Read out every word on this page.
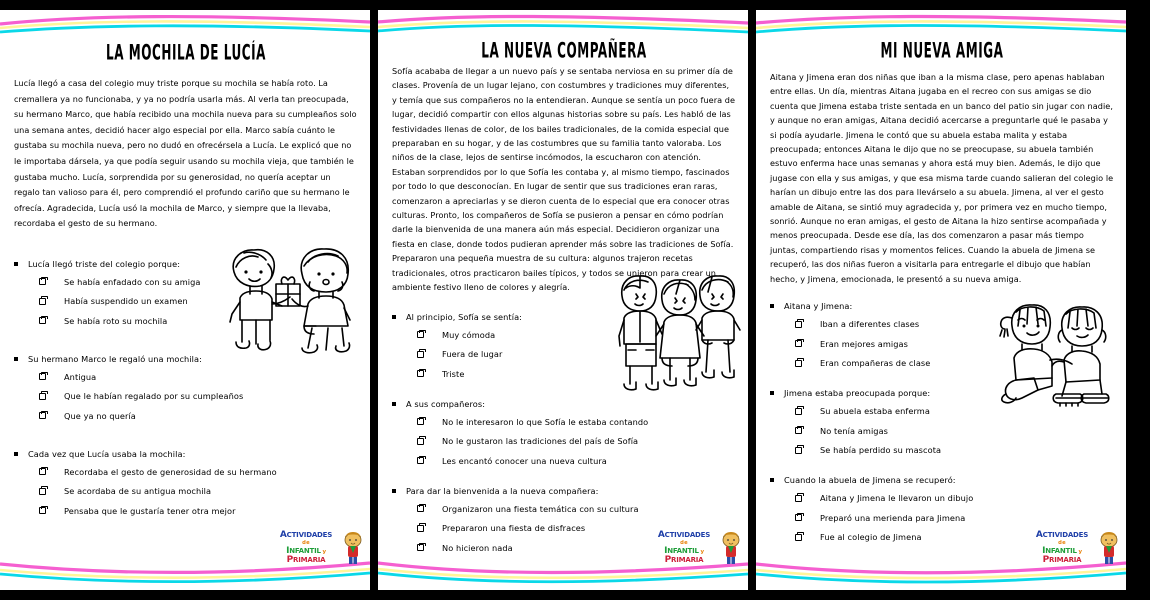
ACTIVIDADES
de
INFANTIL y PRIMARIA
LA MOCHILA DE LUCÍA
Lucía llegó a casa del colegio muy triste porque su mochila se había roto. La cremallera ya no funcionaba, y ya no podría usarla más. Al verla tan preocupada, su hermano Marco, que había recibido una mochila nueva para su cumpleaños solo una semana antes, decidió hacer algo especial por ella. Marco sabía cuánto le gustaba su mochila nueva, pero no dudó en ofrecérsela a Lucía. Le explicó que no le importaba dársela, ya que podía seguir usando su mochila vieja, que también le gustaba mucho. Lucía, sorprendida por su generosidad, no quería aceptar un regalo tan valioso para él, pero comprendió el profundo cariño que su hermano le ofrecía. Agradecida, Lucía usó la mochila de Marco, y siempre que la llevaba, recordaba el gesto de su hermano.
Lucía llegó triste del colegio porque:
Se había enfadado con su amiga
Había suspendido un examen
Se había roto su mochila
Su hermano Marco le regaló una mochila:
Antigua
Que le habían regalado por su cumpleaños
Que ya no quería
Cada vez que Lucía usaba la mochila:
Recordaba el gesto de generosidad de su hermano
Se acordaba de su antigua mochila
Pensaba que le gustaría tener otra mejor
ACTIVIDADES
de
INFANTIL y PRIMARIA
LA NUEVA COMPAÑERA
Sofía acababa de llegar a un nuevo país y se sentaba nerviosa en su primer día de clases. Provenía de un lugar lejano, con costumbres y tradiciones muy diferentes, y temía que sus compañeros no la entendieran. Aunque se sentía un poco fuera de lugar, decidió compartir con ellos algunas historias sobre su país. Les habló de las festividades llenas de color, de los bailes tradicionales, de la comida especial que preparaban en su hogar, y de las costumbres que su familia tanto valoraba. Los niños de la clase, lejos de sentirse incómodos, la escucharon con atención. Estaban sorprendidos por lo que Sofía les contaba y, al mismo tiempo, fascinados por todo lo que desconocían. En lugar de sentir que sus tradiciones eran raras, comenzaron a apreciarlas y se dieron cuenta de lo especial que era conocer otras culturas. Pronto, los compañeros de Sofía se pusieron a pensar en cómo podrían darle la bienvenida de una manera aún más especial. Decidieron organizar una fiesta en clase, donde todos pudieran aprender más sobre las tradiciones de Sofía. Prepararon una pequeña muestra de su cultura: algunos trajeron recetas tradicionales, otros practicaron bailes típicos, y todos se unieron para crear un ambiente festivo lleno de colores y alegría.
Al principio, Sofía se sentía:
Muy cómoda
Fuera de lugar
Triste
A sus compañeros:
No le interesaron lo que Sofía le estaba contando
No le gustaron las tradiciones del país de Sofía
Les encantó conocer una nueva cultura
Para dar la bienvenida a la nueva compañera:
Organizaron una fiesta temática con su cultura
Prepararon una fiesta de disfraces
No hicieron nada
ACTIVIDADES
de
INFANTIL y PRIMARIA
MI NUEVA AMIGA
Aitana y Jimena eran dos niñas que iban a la misma clase, pero apenas hablaban entre ellas. Un día, mientras Aitana jugaba en el recreo con sus amigas se dio cuenta que Jimena estaba triste sentada en un banco del patio sin jugar con nadie, y aunque no eran amigas, Aitana decidió acercarse a preguntarle qué le pasaba y si podía ayudarle. Jimena le contó que su abuela estaba malita y estaba preocupada; entonces Aitana le dijo que no se preocupase, su abuela también estuvo enferma hace unas semanas y ahora está muy bien. Además, le dijo que jugase con ella y sus amigas, y que esa misma tarde cuando salieran del colegio le harían un dibujo entre las dos para llevárselo a su abuela. Jimena, al ver el gesto amable de Aitana, se sintió muy agradecida y, por primera vez en mucho tiempo, sonrió. Aunque no eran amigas, el gesto de Aitana la hizo sentirse acompañada y menos preocupada. Desde ese día, las dos comenzaron a pasar más tiempo juntas, compartiendo risas y momentos felices. Cuando la abuela de Jimena se recuperó, las dos niñas fueron a visitarla para entregarle el dibujo que habían hecho, y Jimena, emocionada, le presentó a su nueva amiga.
Aitana y Jimena:
Iban a diferentes clases
Eran mejores amigas
Eran compañeras de clase
Jimena estaba preocupada porque:
Su abuela estaba enferma
No tenía amigas
Se había perdido su mascota
Cuando la abuela de Jimena se recuperó:
Aitana y Jimena le llevaron un dibujo
Preparó una merienda para Jimena
Fue al colegio de Jimena
